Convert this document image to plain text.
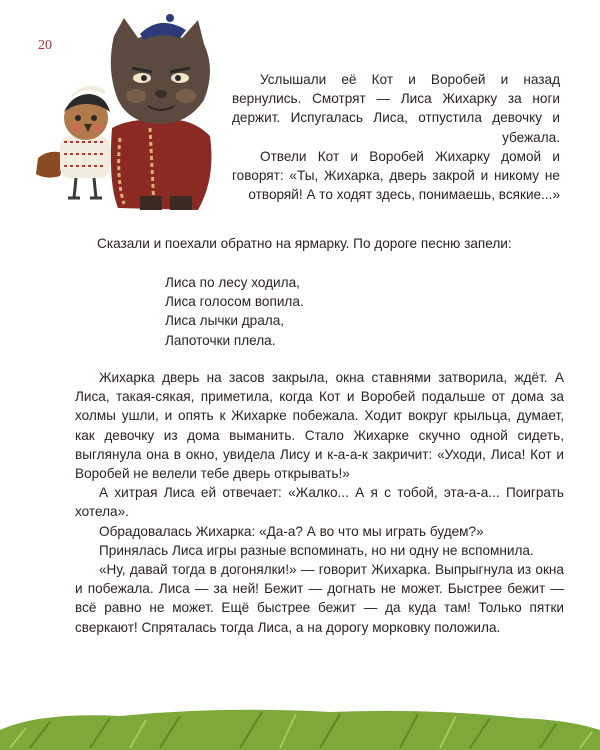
20

Услышали её Кот и Воробей и назад вернулись. Смотрят — Лиса Жихарку за ноги держит. Испугалась Лиса, отпустила девочку и убежала.

Отвели Кот и Воробей Жихарку домой и говорят: «Ты, Жихарка, дверь закрой и никому не отворяй! А то ходят здесь, понимаешь, всякие...»

Сказали и поехали обратно на ярмарку. По дороге песню запели:

Лиса по лесу ходила,

Лиса голосом вопила.

Лиса лычки драла,

Лапоточки плела.

Жихарка дверь на засов закрыла, окна ставнями затворила, ждёт. А Лиса, такая-сякая, приметила, когда Кот и Воробей подальше от дома за холмы ушли, и опять к Жихарке побежала. Ходит вокруг крыльца, думает, как девочку из дома выманить. Стало Жихарке скучно одной сидеть, выглянула она в окно, увидела Лису и к-а-а-к закричит: «Уходи, Лиса! Кот и Воробей не велели тебе дверь открывать!»

А хитрая Лиса ей отвечает: «Жалко... А я с тобой, эта-а-а... Поиграть хотела».

Обрадовалась Жихарка: «Да-а? А во что мы играть будем?»

Принялась Лиса игры разные вспоминать, но ни одну не вспомнила.

«Ну, давай тогда в догонялки!» — говорит Жихарка. Выпрыгнула из окна и побежала. Лиса — за ней! Бежит — догнать не может. Быстрее бежит — всё равно не может. Ещё быстрее бежит — да куда там! Только пятки сверкают! Спряталась тогда Лиса, а на дорогу морковку положила.
